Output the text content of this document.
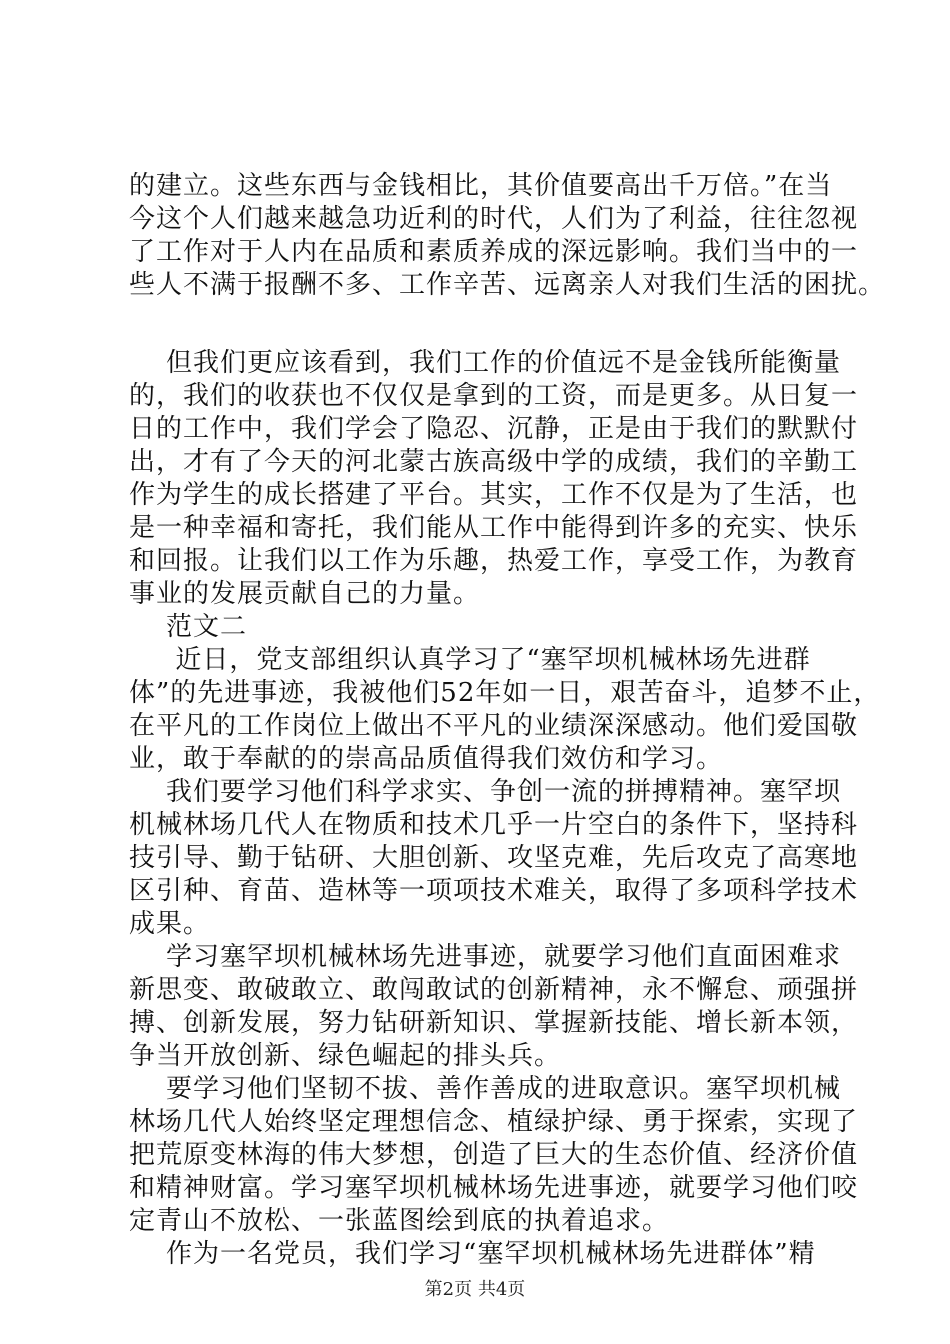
的建立。这些东西与金钱相比，其价值要高出千万倍。”在当
今这个人们越来越急功近利的时代，人们为了利益，往往忽视
了工作对于人内在品质和素质养成的深远影响。我们当中的一
些人不满于报酬不多、工作辛苦、远离亲人对我们生活的困扰。
但我们更应该看到，我们工作的价值远不是金钱所能衡量
的，我们的收获也不仅仅是拿到的工资，而是更多。从日复一
日的工作中，我们学会了隐忍、沉静，正是由于我们的默默付
出，才有了今天的河北蒙古族高级中学的成绩，我们的辛勤工
作为学生的成长搭建了平台。其实，工作不仅是为了生活，也
是一种幸福和寄托，我们能从工作中能得到许多的充实、快乐
和回报。让我们以工作为乐趣，热爱工作，享受工作，为教育
事业的发展贡献自己的力量。
范文二
近日，党支部组织认真学习了“塞罕坝机械林场先进群
体”的先进事迹，我被他们52年如一日，艰苦奋斗，追梦不止，
在平凡的工作岗位上做出不平凡的业绩深深感动。他们爱国敬
业，敢于奉献的的崇高品质值得我们效仿和学习。
我们要学习他们科学求实、争创一流的拼搏精神。塞罕坝
机械林场几代人在物质和技术几乎一片空白的条件下，坚持科
技引导、勤于钻研、大胆创新、攻坚克难，先后攻克了高寒地
区引种、育苗、造林等一项项技术难关，取得了多项科学技术
成果。
学习塞罕坝机械林场先进事迹，就要学习他们直面困难求
新思变、敢破敢立、敢闯敢试的创新精神，永不懈怠、顽强拼
搏、创新发展，努力钻研新知识、掌握新技能、增长新本领，
争当开放创新、绿色崛起的排头兵。
要学习他们坚韧不拔、善作善成的进取意识。塞罕坝机械
林场几代人始终坚定理想信念、植绿护绿、勇于探索，实现了
把荒原变林海的伟大梦想，创造了巨大的生态价值、经济价值
和精神财富。学习塞罕坝机械林场先进事迹，就要学习他们咬
定青山不放松、一张蓝图绘到底的执着追求。
作为一名党员，我们学习“塞罕坝机械林场先进群体”精
第2页 共4页
